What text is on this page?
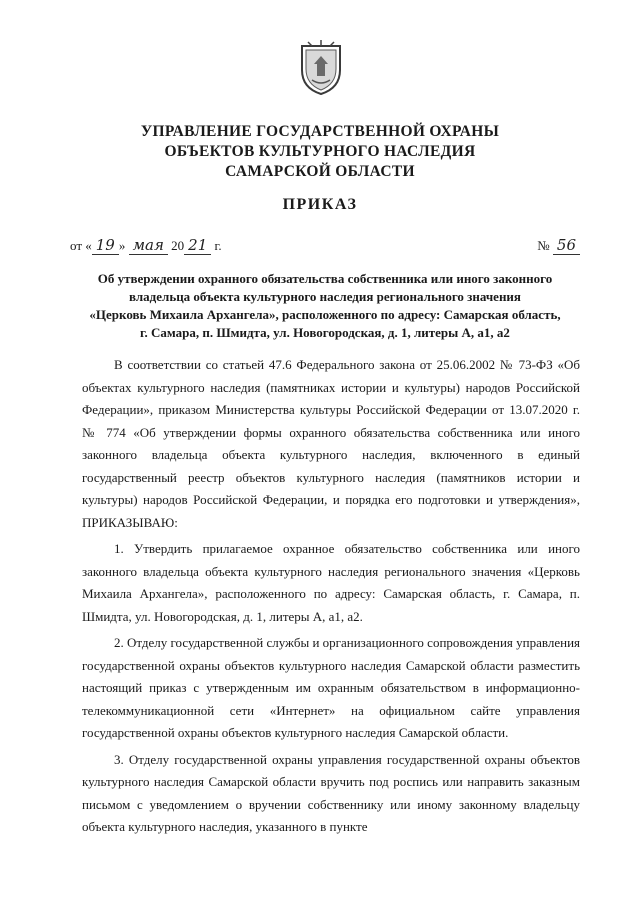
УПРАВЛЕНИЕ ГОСУДАРСТВЕННОЙ ОХРАНЫ
ОБЪЕКТОВ КУЛЬТУРНОГО НАСЛЕДИЯ
САМАРСКОЙ ОБЛАСТИ
ПРИКАЗ
от « 19 » мая 20 21 г.	№ 56
Об утверждении охранного обязательства собственника или иного законного
владельца объекта культурного наследия регионального значения
«Церковь Михаила Архангела», расположенного по адресу: Самарская область,
г. Самара, п. Шмидта, ул. Новогородская, д. 1, литеры А, а1, а2

В соответствии со статьей 47.6 Федерального закона от 25.06.2002 № 73-ФЗ «Об объектах культурного наследия (памятниках истории и культуры) народов Российской Федерации», приказом Министерства культуры Российской Федерации от 13.07.2020 г. № 774 «Об утверждении формы охранного обязательства собственника или иного законного владельца объекта культурного наследия, включенного в единый государственный реестр объектов культурного наследия (памятников истории и культуры) народов Российской Федерации, и порядка его подготовки и утверждения», ПРИКАЗЫВАЮ:

1. Утвердить прилагаемое охранное обязательство собственника или иного законного владельца объекта культурного наследия регионального значения «Церковь Михаила Архангела», расположенного по адресу: Самарская область, г. Самара, п. Шмидта, ул. Новогородская, д. 1, литеры А, а1, а2.

2. Отделу государственной службы и организационного сопровождения управления государственной охраны объектов культурного наследия Самарской области разместить настоящий приказ с утвержденным им охранным обязательством в информационно-телекоммуникационной сети «Интернет» на официальном сайте управления государственной охраны объектов культурного наследия Самарской области.

3. Отделу государственной охраны управления государственной охраны объектов культурного наследия Самарской области вручить под роспись или направить заказным письмом с уведомлением о вручении собственнику или иному законному владельцу объекта культурного наследия, указанного в пункте
